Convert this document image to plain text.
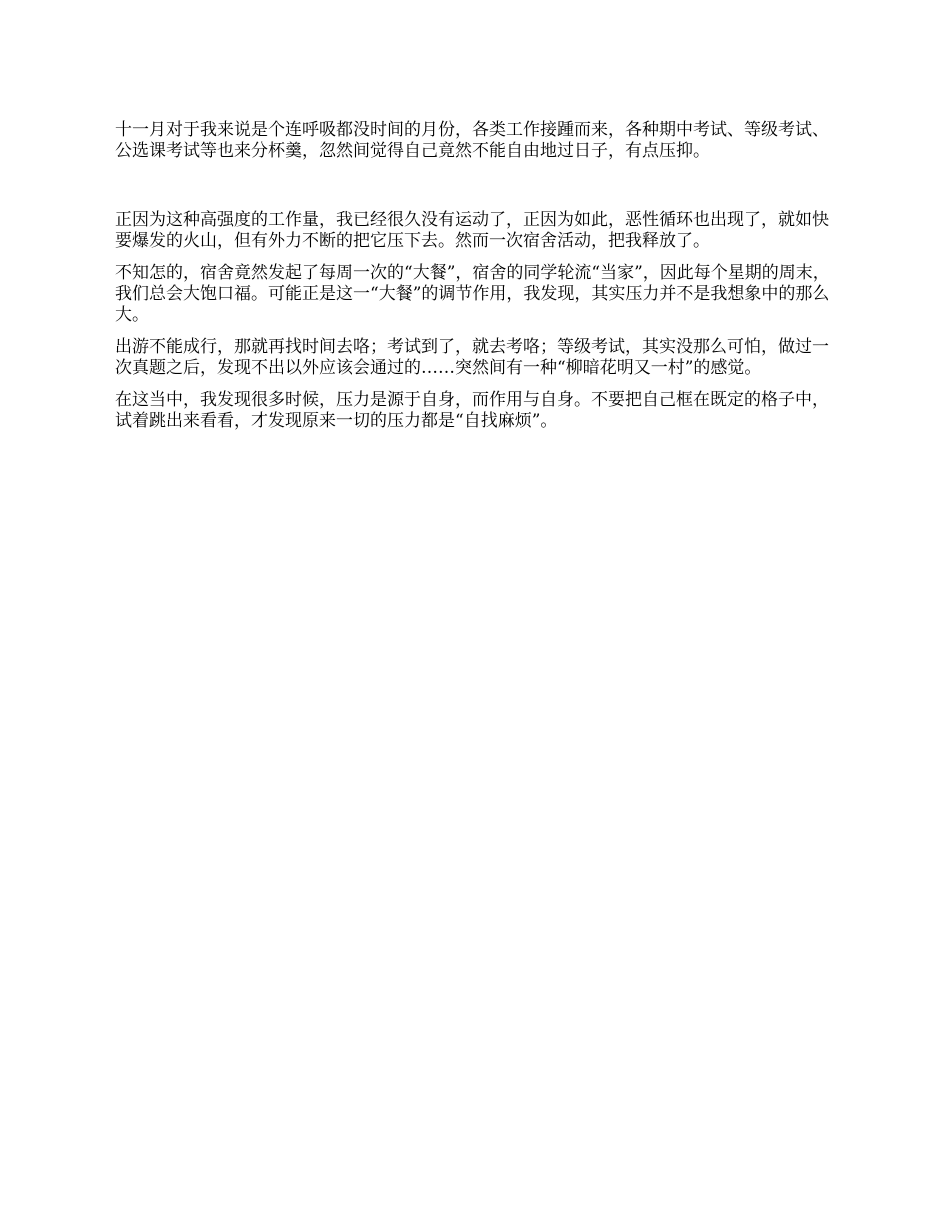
十一月对于我来说是个连呼吸都没时间的月份，各类工作接踵而来，各种期中考试、等级考试、公选课考试等也来分杯羹，忽然间觉得自己竟然不能自由地过日子，有点压抑。

正因为这种高强度的工作量，我已经很久没有运动了，正因为如此，恶性循环也出现了，就如快要爆发的火山，但有外力不断的把它压下去。然而一次宿舍活动，把我释放了。

不知怎的，宿舍竟然发起了每周一次的“大餐”，宿舍的同学轮流“当家”，因此每个星期的周末，我们总会大饱口福。可能正是这一“大餐”的调节作用，我发现，其实压力并不是我想象中的那么大。

出游不能成行，那就再找时间去咯；考试到了，就去考咯；等级考试，其实没那么可怕，做过一次真题之后，发现不出以外应该会通过的……突然间有一种“柳暗花明又一村”的感觉。

在这当中，我发现很多时候，压力是源于自身，而作用与自身。不要把自己框在既定的格子中，试着跳出来看看，才发现原来一切的压力都是“自找麻烦”。
